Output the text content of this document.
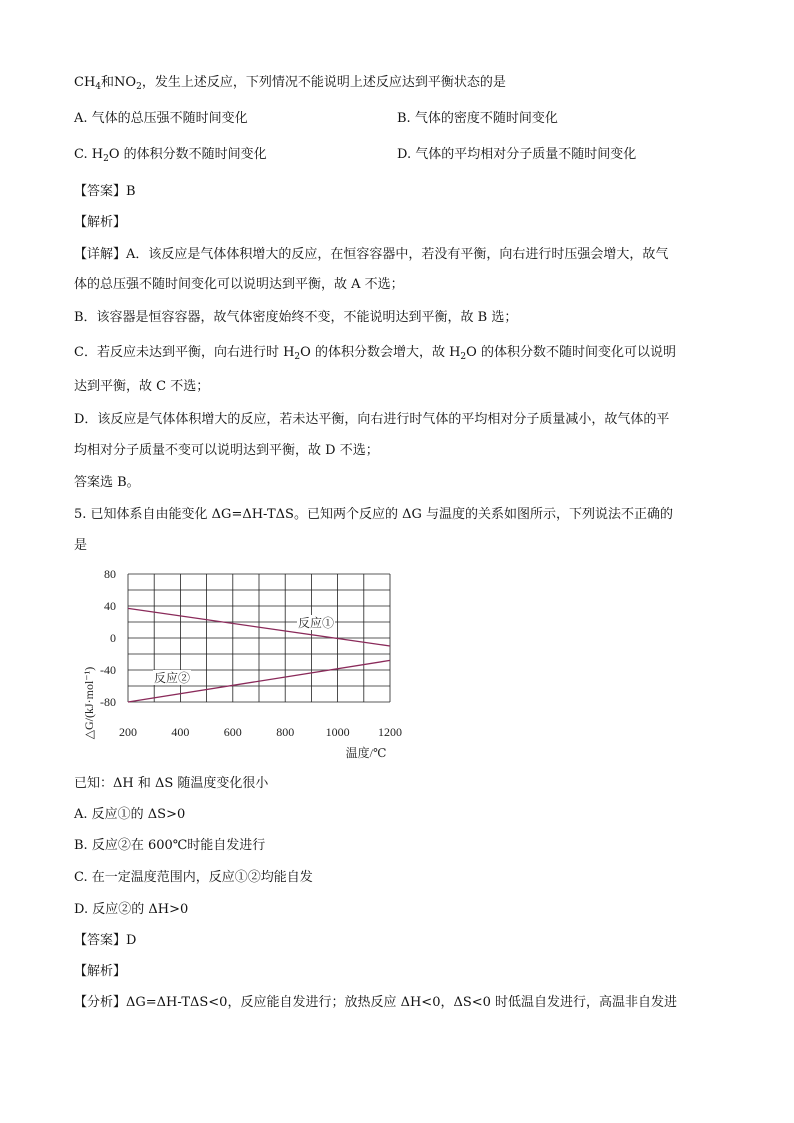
$CH_4$和$NO_2$，发生上述反应，下列情况不能说明上述反应达到平衡状态的是
A. 气体的总压强不随时间变化	B. 气体的密度不随时间变化
C. $H_2O$ 的体积分数不随时间变化	D. 气体的平均相对分子质量不随时间变化
【答案】B
【解析】
【详解】A．该反应是气体体积增大的反应，在恒容容器中，若没有平衡，向右进行时压强会增大，故气
体的总压强不随时间变化可以说明达到平衡，故 A 不选；
B．该容器是恒容容器，故气体密度始终不变，不能说明达到平衡，故 B 选；
C．若反应未达到平衡，向右进行时 $H_2O$ 的体积分数会增大，故 $H_2O$ 的体积分数不随时间变化可以说明
达到平衡，故 C 不选；
D．该反应是气体体积增大的反应，若未达平衡，向右进行时气体的平均相对分子质量减小，故气体的平
均相对分子质量不变可以说明达到平衡，故 D 不选；
答案选 B。
5. 已知体系自由能变化 ΔG=ΔH-TΔS。已知两个反应的 ΔG 与温度的关系如图所示，下列说法不正确的
是
200	400	600	800	1000 1200
80
40
0
-40
-80
△G/(kJ·mol⁻¹)
温度/℃
反应①
反应②
已知：ΔH 和 ΔS 随温度变化很小
A. 反应①的 ΔS>0
B. 反应②在 600℃时能自发进行
C. 在一定温度范围内，反应①②均能自发
D. 反应②的 ΔH>0
【答案】D
【解析】
【分析】ΔG=ΔH-TΔS<0，反应能自发进行；放热反应 ΔH<0，ΔS<0 时低温自发进行，高温非自发进
